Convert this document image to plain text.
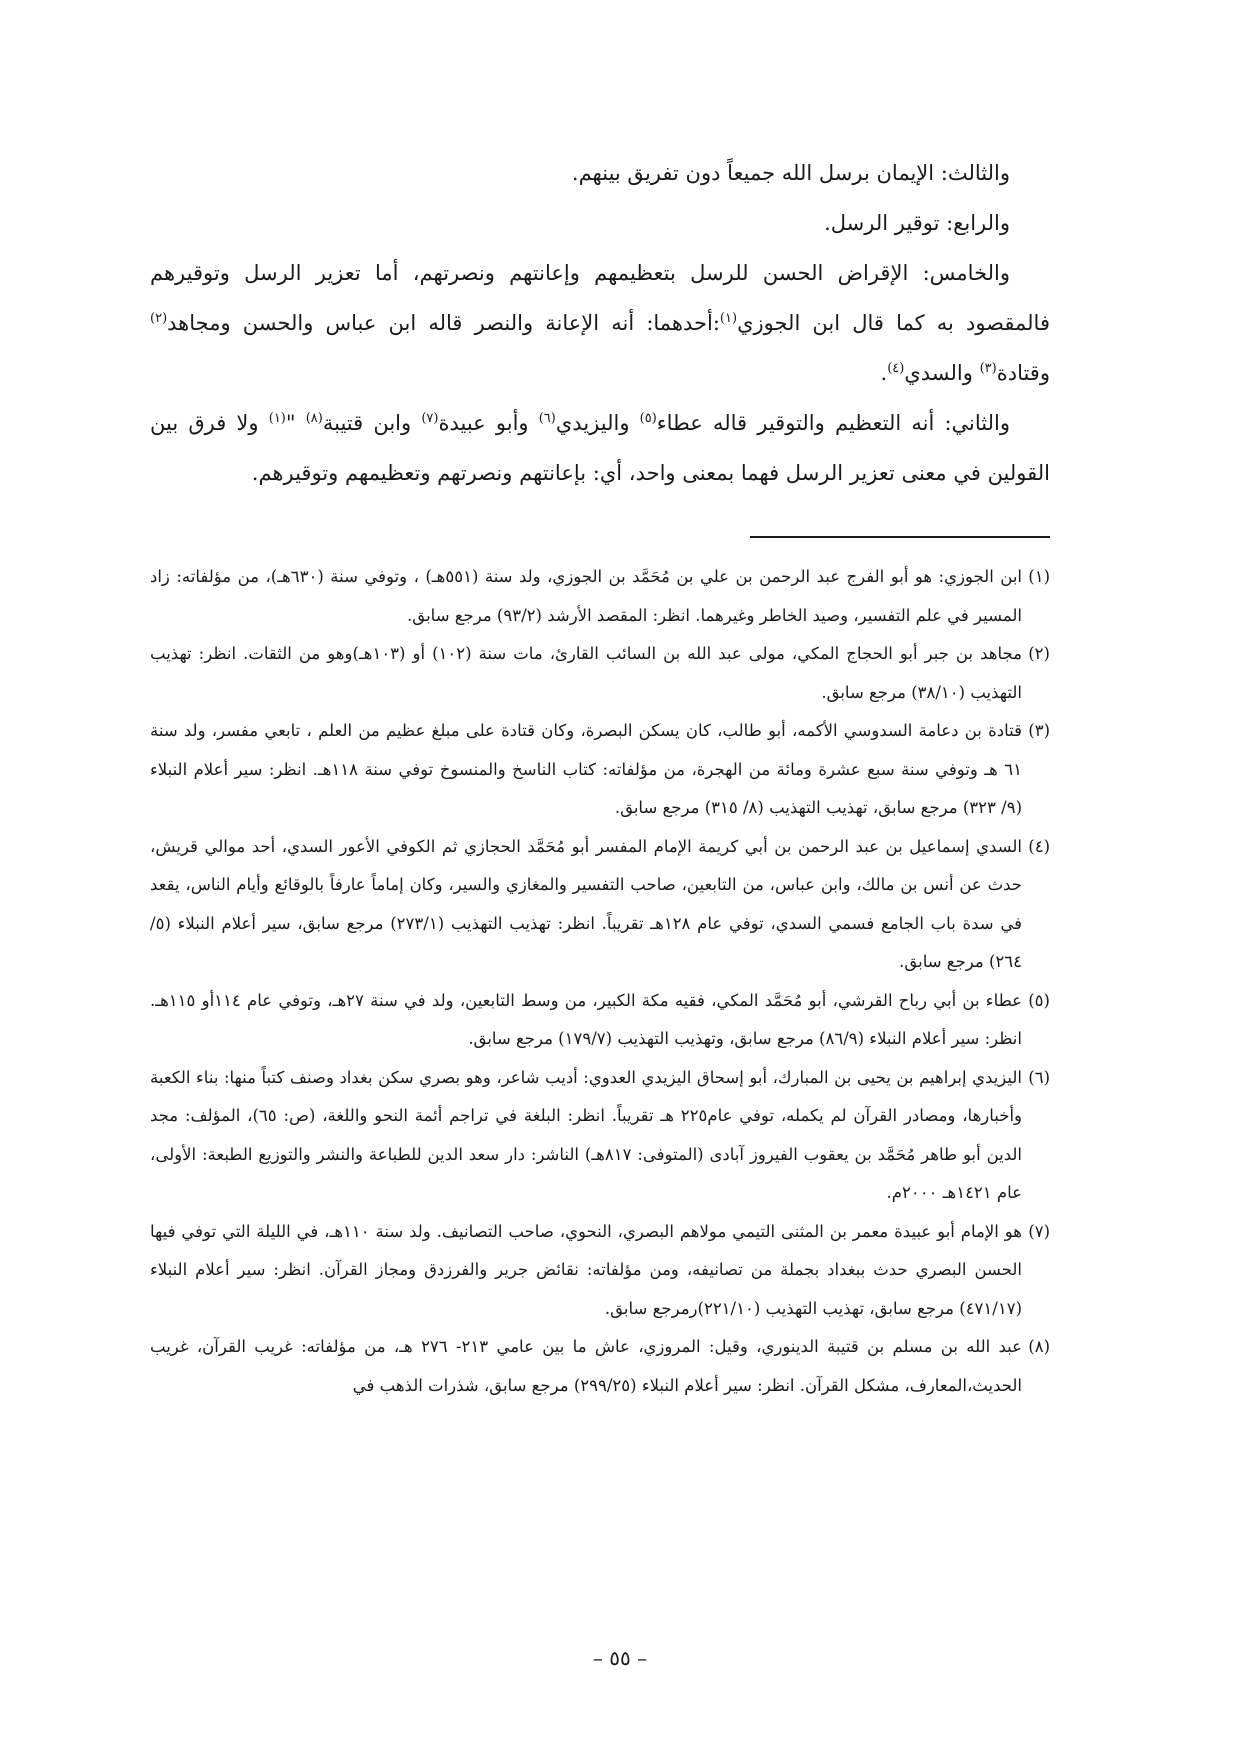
والثالث: الإيمان برسل الله جميعاً دون تفريق بينهم.

والرابع: توقير الرسل.

والخامس: الإقراض الحسن للرسل بتعظيمهم وإعانتهم ونصرتهم، أما تعزير الرسل وتوقيرهم فالمقصود به كما قال ابن الجوزي$^{(١)}$:أحدهما: أنه الإعانة والنصر قاله ابن عباس والحسن ومجاهد$^{(٢)}$ وقتادة$^{(٣)}$ والسدي$^{(٤)}$.

والثاني: أنه التعظيم والتوقير قاله عطاء$^{(٥)}$ واليزيدي$^{(٦)}$ وأبو عبيدة$^{(٧)}$ وابن قتيبة$^{(٨)}$ "$^{(١)}$ ولا فرق بين القولين في معنى تعزير الرسل فهما بمعنى واحد، أي: بإعانتهم ونصرتهم وتعظيمهم وتوقيرهم.

(١)ابن الجوزي: هو أبو الفرج عبد الرحمن بن علي بن مُحَمَّد بن الجوزي، ولد سنة (٥٥١هـ) ، وتوفي سنة (٦٣٠هـ)، من مؤلفاته: زاد المسير في علم التفسير، وصيد الخاطر وغيرهما. انظر: المقصد الأرشد (٩٣/٢) مرجع سابق.

(٢)مجاهد بن جبر أبو الحجاج المكي، مولى عبد الله بن السائب القارئ، مات سنة (١٠٢) أو (١٠٣هـ)وهو من الثقات. انظر: تهذيب التهذيب (٣٨/١٠) مرجع سابق.

(٣)قتادة بن دعامة السدوسي الأكمه، أبو طالب، كان يسكن البصرة، وكان قتادة على مبلغ عظيم من العلم ، تابعي مفسر، ولد سنة ٦١ هـ وتوفي سنة سبع عشرة ومائة من الهجرة، من مؤلفاته: كتاب الناسخ والمنسوخ توفي سنة ١١٨هـ. انظر: سير أعلام النبلاء (٩/ ٣٢٣) مرجع سابق، تهذيب التهذيب (٨/ ٣١٥) مرجع سابق.

(٤)السدي إسماعيل بن عبد الرحمن بن أبي كريمة الإمام المفسر أبو مُحَمَّد الحجازي ثم الكوفي الأعور السدي، أحد موالي قريش، حدث عن أنس بن مالك، وابن عباس، من التابعين، صاحب التفسير والمغازي والسير، وكان إماماً عارفاً بالوقائع وأيام الناس، يقعد في سدة باب الجامع فسمي السدي، توفي عام ١٢٨هـ تقريباً. انظر: تهذيب التهذيب (٢٧٣/١) مرجع سابق، سير أعلام النبلاء (٥/ ٢٦٤) مرجع سابق.

(٥)عطاء بن أبي رباح القرشي، أبو مُحَمَّد المكي، فقيه مكة الكبير، من وسط التابعين، ولد في سنة ٢٧هـ، وتوفي عام ١١٤أو ١١٥هـ. انظر: سير أعلام النبلاء (٨٦/٩) مرجع سابق، وتهذيب التهذيب (١٧٩/٧) مرجع سابق.

(٦)اليزيدي إبراهيم بن يحيى بن المبارك، أبو إسحاق اليزيدي العدوي: أديب شاعر، وهو بصري سكن بغداد وصنف كتباً منها: بناء الكعبة وأخبارها، ومصادر القرآن لم يكمله، توفي عام٢٢٥ هـ تقريباً. انظر: البلغة في تراجم أئمة النحو واللغة، (ص: ٦٥)، المؤلف: مجد الدين أبو طاهر مُحَمَّد بن يعقوب الفيروز آبادى (المتوفى: ٨١٧هـ) الناشر: دار سعد الدين للطباعة والنشر والتوزيع الطبعة: الأولى، عام ١٤٢١هـ ٢٠٠٠م.

(٧)هو الإمام أبو عبيدة معمر بن المثنى التيمي مولاهم البصري، النحوي، صاحب التصانيف. ولد سنة ١١٠هـ، في الليلة التي توفي فيها الحسن البصري حدث ببغداد بجملة من تصانيفه، ومن مؤلفاته: نقائض جرير والفرزدق ومجاز القرآن. انظر: سير أعلام النبلاء (٤٧١/١٧) مرجع سابق، تهذيب التهذيب (٢٢١/١٠)رمرجع سابق.

(٨)عبد الله بن مسلم بن قتيبة الدينوري، وقيل: المروزي، عاش ما بين عامي ٢١٣- ٢٧٦ هـ، من مؤلفاته: غريب القرآن، غريب الحديث،المعارف، مشكل القرآن. انظر: سير أعلام النبلاء (٢٩٩/٢٥) مرجع سابق، شذرات الذهب في

– ٥٥ –
